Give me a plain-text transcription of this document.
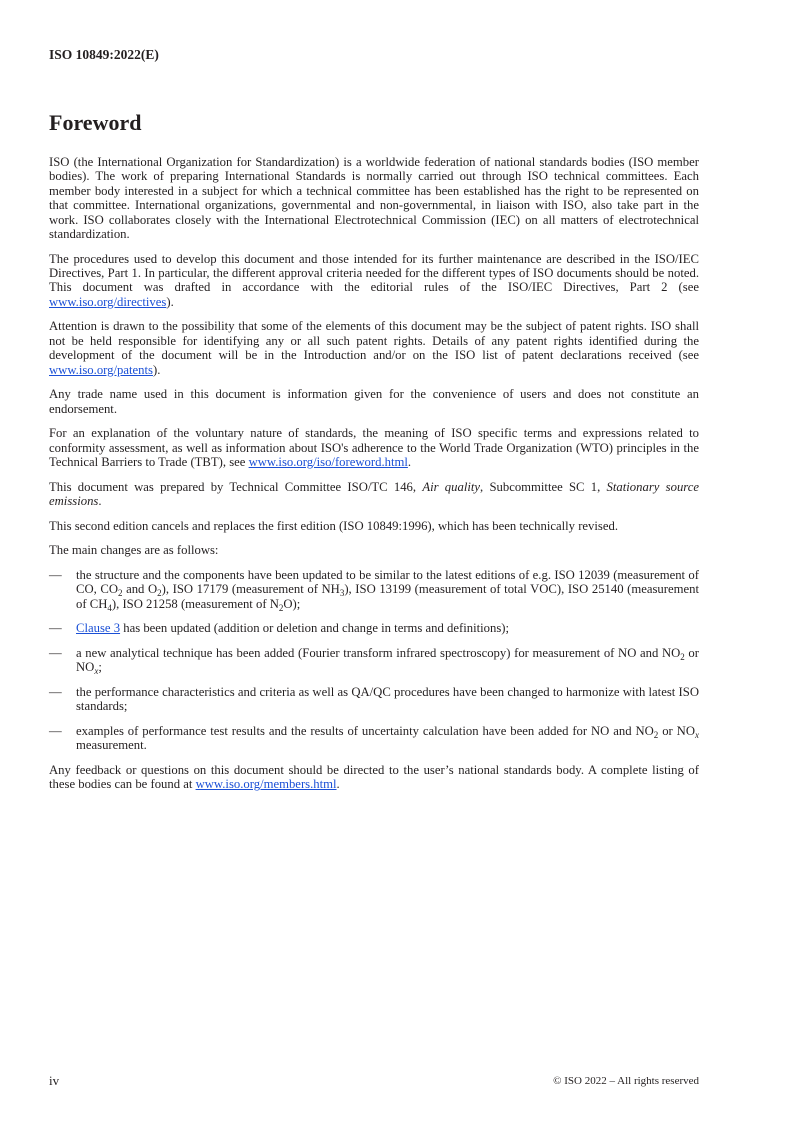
ISO 10849:2022(E)
Foreword

ISO (the International Organization for Standardization) is a worldwide federation of national standards bodies (ISO member bodies). The work of preparing International Standards is normally carried out through ISO technical committees. Each member body interested in a subject for which a technical committee has been established has the right to be represented on that committee. International organizations, governmental and non-governmental, in liaison with ISO, also take part in the work. ISO collaborates closely with the International Electrotechnical Commission (IEC) on all matters of electrotechnical standardization.

The procedures used to develop this document and those intended for its further maintenance are described in the ISO/IEC Directives, Part 1. In particular, the different approval criteria needed for the different types of ISO documents should be noted. This document was drafted in accordance with the editorial rules of the ISO/IEC Directives, Part 2 (see www.iso.org/directives).

Attention is drawn to the possibility that some of the elements of this document may be the subject of patent rights. ISO shall not be held responsible for identifying any or all such patent rights. Details of any patent rights identified during the development of the document will be in the Introduction and/or on the ISO list of patent declarations received (see www.iso.org/patents).

Any trade name used in this document is information given for the convenience of users and does not constitute an endorsement.

For an explanation of the voluntary nature of standards, the meaning of ISO specific terms and expressions related to conformity assessment, as well as information about ISO's adherence to the World Trade Organization (WTO) principles in the Technical Barriers to Trade (TBT), see www.iso.org/iso/foreword.html.

This document was prepared by Technical Committee ISO/TC 146, Air quality, Subcommittee SC 1, Stationary source emissions.

This second edition cancels and replaces the first edition (ISO 10849:1996), which has been technically revised.

The main changes are as follows:

—	the structure and the components have been updated to be similar to the latest editions of e.g. ISO 12039 (measurement of CO, $CO_2$ and $O_2$), ISO 17179 (measurement of $NH_3$), ISO 13199 (measurement of total VOC), ISO 25140 (measurement of $CH_4$), ISO 21258 (measurement of $N_2O$);

—	Clause 3 has been updated (addition or deletion and change in terms and definitions);

—	a new analytical technique has been added (Fourier transform infrared spectroscopy) for measurement of NO and $NO_2$ or $NO_x$;

—	the performance characteristics and criteria as well as QA/QC procedures have been changed to harmonize with latest ISO standards;

—	examples of performance test results and the results of uncertainty calculation have been added for NO and $NO_2$ or $NO_x$ measurement.

Any feedback or questions on this document should be directed to the user’s national standards body. A complete listing of these bodies can be found at www.iso.org/members.html.

iv	© ISO 2022 – All rights reserved
